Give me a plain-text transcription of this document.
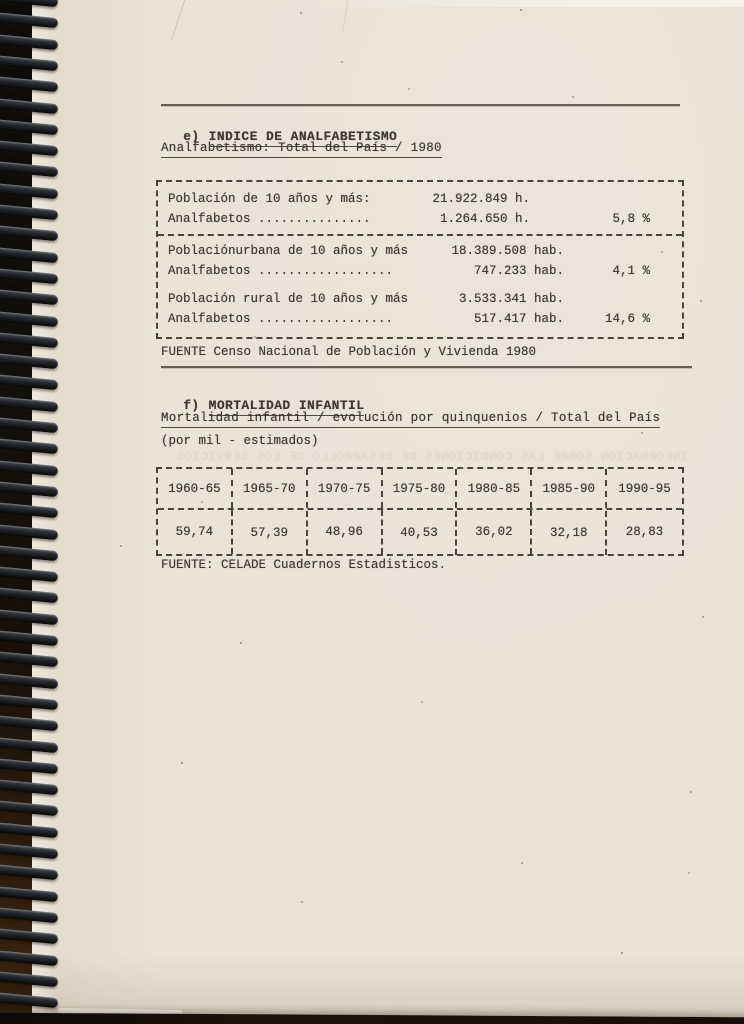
e) INDICE DE ANALFABETISMO

Analfabetismo: Total del País / 1980
Población de 10 años y más:	21.922.849 h.
Analfabetos ...............	1.264.650 h.	5,8 %
Poblaciónurbana de 10 años y más	18.389.508 hab.
Analfabetos ..................	747.233 hab.	4,1 %
Población rural de 10 años y más	3.533.341 hab.
Analfabetos ..................	517.417 hab.	14,6 %
FUENTE Censo Nacional de Población y Vivienda 1980

f) MORTALIDAD INFANTIL

Mortalidad infantil / evolución por quinquenios / Total del País
(por mil - estimados)
INFORMACION SOBRE LAS CONDICIONES DE DESARROLLO DE LOS SERVICIOS
1960-65	1965-70	1970-75	1975-80	1980-85	1985-90	1990-95
59,74	57,39	48,96	40,53	36,02	32,18	28,83
FUENTE: CELADE Cuadernos Estadisticos.
